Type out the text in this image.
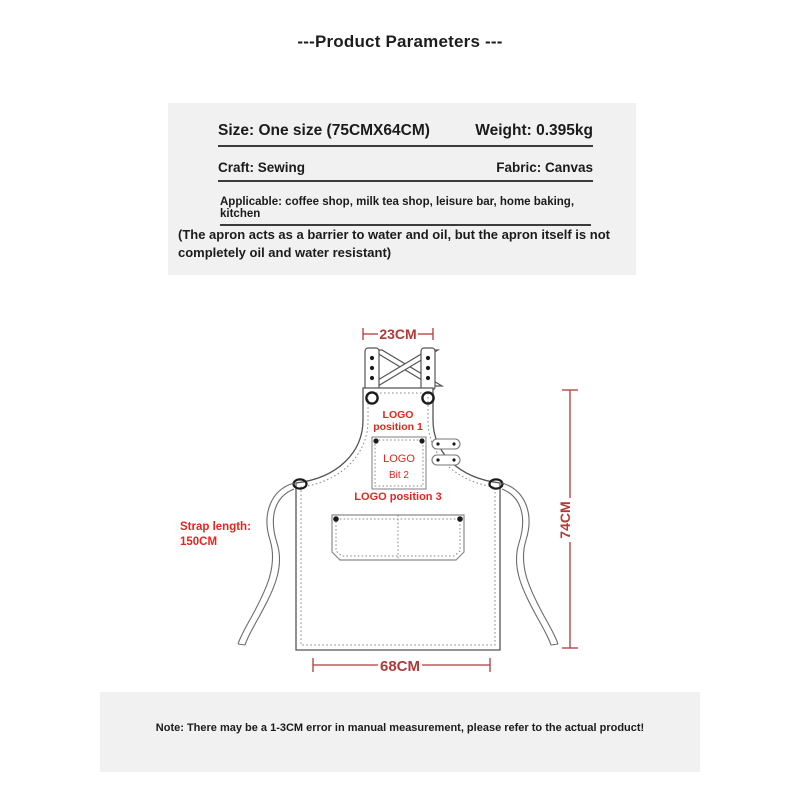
---Product Parameters ---
Size: One size (75CMX64CM)	Weight: 0.395kg
Craft: Sewing	Fabric: Canvas
Applicable: coffee shop, milk tea shop, leisure bar, home baking, kitchen
(The apron acts as a barrier to water and oil, but the apron itself is not completely oil and water resistant)
23CM
LOGO
position 1
LOGO
Bit 2
LOGO position 3
Strap length:
150CM
74CM
68CM
Note: There may be a 1-3CM error in manual measurement, please refer to the actual product!
